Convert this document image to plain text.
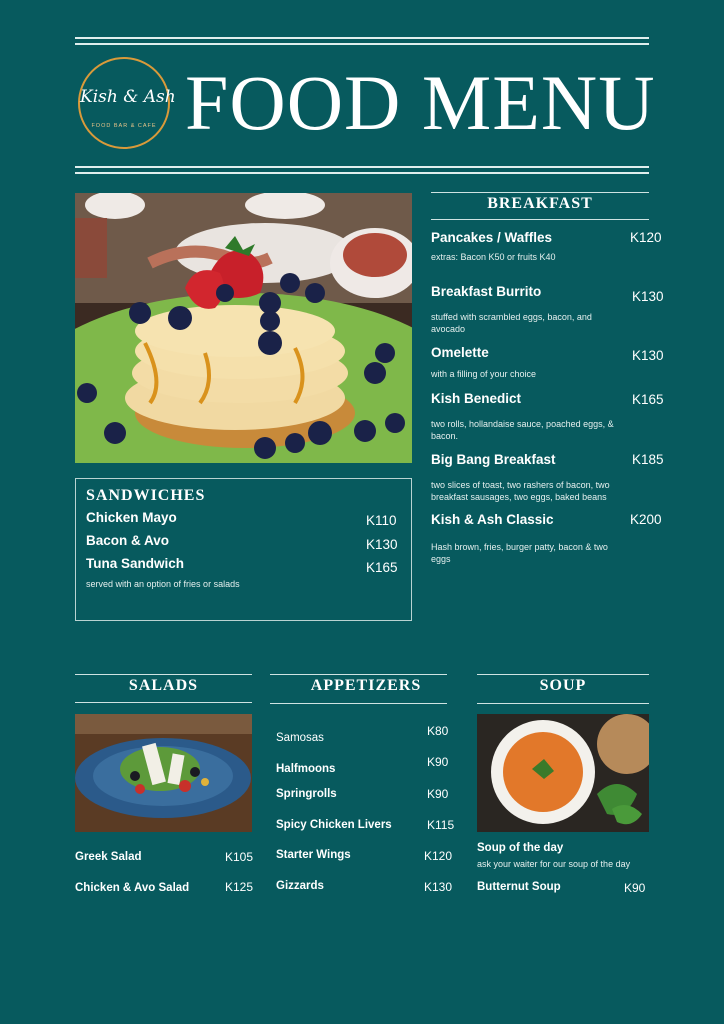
Kish & Ash
FOOD BAR & CAFE FOOD MENU
BREAKFAST
Pancakes / Waffles	K120
extras: Bacon K50 or fruits K40
Breakfast Burrito	K130
stuffed with scrambled eggs, bacon, and avocado
Omelette	K130
with a filling of your choice
Kish Benedict	K165
two rolls, hollandaise sauce, poached eggs, & bacon.
Big Bang Breakfast	K185
two slices of toast, two rashers of bacon, two breakfast sausages, two eggs, baked beans
Kish & Ash Classic	K200
Hash brown, fries, burger patty, bacon & two eggs
SANDWICHES
Chicken Mayo	K110
Bacon & Avo	K130
Tuna Sandwich	K165
served with an option of fries or salads
SALADS
Greek Salad	K105
Chicken & Avo Salad	K125
APPETIZERS
Samosas	K80
Halfmoons	K90
Springrolls	K90
Spicy Chicken Livers	K115
Starter Wings	K120
Gizzards	K130
SOUP
Soup of the day
ask your waiter for our soup of the day
Butternut Soup	K90
